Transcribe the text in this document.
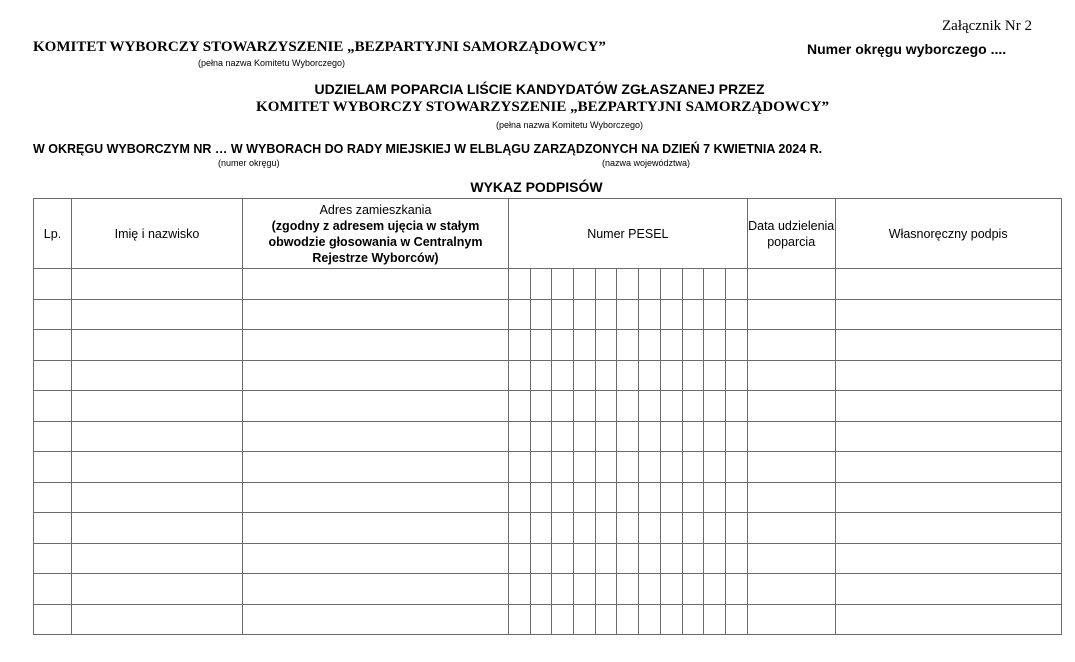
Załącznik Nr 2
KOMITET WYBORCZY STOWARZYSZENIE „BEZPARTYJNI SAMORZĄDOWCY”	Numer okręgu wyborczego ....
(pełna nazwa Komitetu Wyborczego)
UDZIELAM POPARCIA LIŚCIE KANDYDATÓW ZGŁASZANEJ PRZEZ
KOMITET WYBORCZY STOWARZYSZENIE „BEZPARTYJNI SAMORZĄDOWCY”
(pełna nazwa Komitetu Wyborczego)
W OKRĘGU WYBORCZYM NR … W WYBORACH DO RADY MIEJSKIEJ W ELBLĄGU ZARZĄDZONYCH NA DZIEŃ 7 KWIETNIA 2024 R.
(numer okręgu)	(nazwa województwa)
WYKAZ PODPISÓW
Lp.	Imię i nazwisko	Adres zamieszkania
(zgodny z adresem ujęcia w stałym obwodzie głosowania w Centralnym Rejestrze Wyborców)	Numer PESEL											Data udzielenia poparcia	Własnoręczny podpis
